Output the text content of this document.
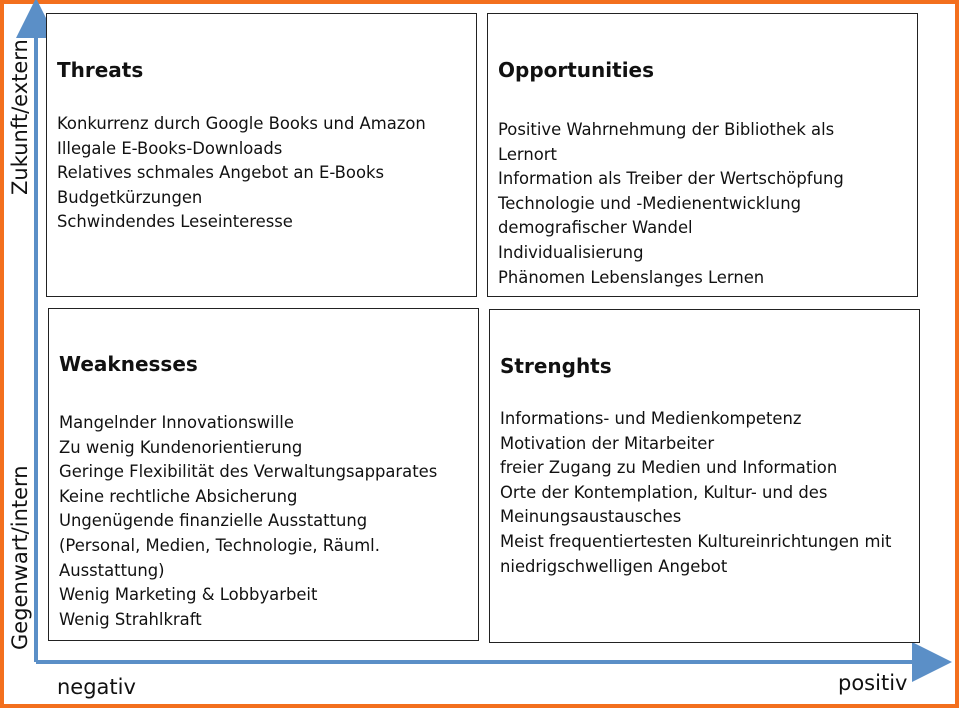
Zukunft/extern
Gegenwart/intern
negativ	positiv
Threats
Konkurrenz durch Google Books und Amazon
Illegale E-Books-Downloads
Relatives schmales Angebot an E-Books
Budgetkürzungen
Schwindendes Leseinteresse
Opportunities
Positive Wahrnehmung der Bibliothek als
Lernort
Information als Treiber der Wertschöpfung
Technologie und -Medienentwicklung
demografischer Wandel
Individualisierung
Phänomen Lebenslanges Lernen
Weaknesses
Mangelnder Innovationswille
Zu wenig Kundenorientierung
Geringe Flexibilität des Verwaltungsapparates
Keine rechtliche Absicherung
Ungenügende finanzielle Ausstattung
(Personal, Medien, Technologie, Räuml.
Ausstattung)
Wenig Marketing & Lobbyarbeit
Wenig Strahlkraft
Strenghts
Informations- und Medienkompetenz
Motivation der Mitarbeiter
freier Zugang zu Medien und Information
Orte der Kontemplation, Kultur- und des
Meinungsaustausches
Meist frequentiertesten Kultureinrichtungen mit
niedrigschwelligen Angebot
